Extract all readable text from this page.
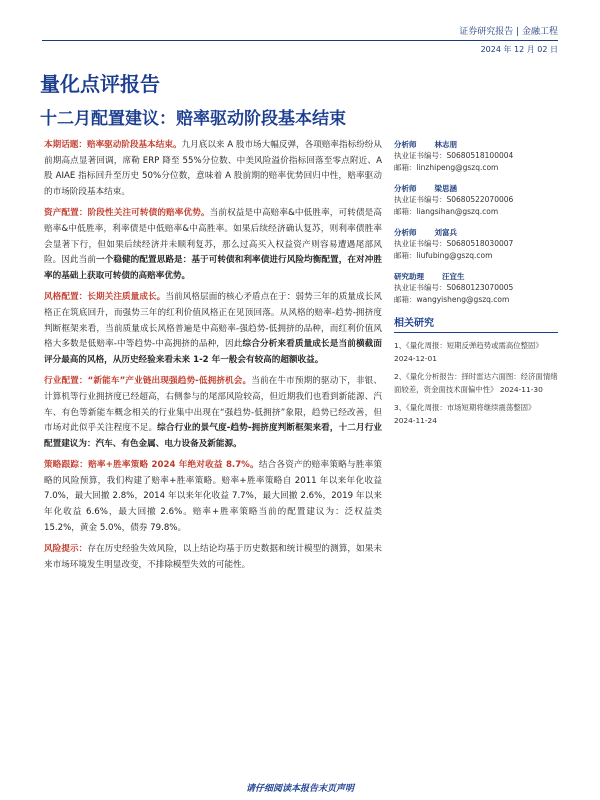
证券研究报告 | 金融工程
2024 年 12 月 02 日
量化点评报告
十二月配置建议：赔率驱动阶段基本结束
本期话题：赔率驱动阶段基本结束。九月底以来 A 股市场大幅反弹，各项赔率指标纷纷从前期高点显著回调，席勒 ERP 降至 55%分位数、中美风险溢价指标回落至零点附近、A 股 AIAE 指标回升至历史 50%分位数，意味着 A 股前期的赔率优势回归中性，赔率驱动的市场阶段基本结束。
资产配置：阶段性关注可转债的赔率优势。当前权益是中高赔率&中低胜率，可转债是高赔率&中低胜率，利率债是中低赔率&中高胜率。如果后续经济确认复苏，则利率债胜率会显著下行，但如果后续经济并未顺利复苏，那么过高买入权益资产则容易遭遇尾部风险。因此当前一个稳健的配置思路是：基于可转债和利率债进行风险均衡配置，在对冲胜率的基础上获取可转债的高赔率优势。
风格配置：长期关注质量成长。当前风格层面的核心矛盾点在于：弱势三年的质量成长风格正在筑底回升，而强势三年的红利价值风格正在见顶回落。从风格的赔率-趋势-拥挤度判断框架来看，当前质量成长风格普遍是中高赔率-强趋势-低拥挤的品种，而红利价值风格大多数是低赔率-中等趋势-中高拥挤的品种，因此综合分析来看质量成长是当前横截面评分最高的风格，从历史经验来看未来 1-2 年一般会有较高的超额收益。
行业配置：“新能车”产业链出现强趋势-低拥挤机会。当前在牛市预期的驱动下，非银、计算机等行业拥挤度已经超高，右侧参与的尾部风险较高，但近期我们也看到新能源、汽车、有色等新能车概念相关的行业集中出现在“强趋势-低拥挤”象限，趋势已经改善，但市场对此似乎关注程度不足。综合行业的景气度-趋势-拥挤度判断框架来看，十二月行业配置建议为：汽车、有色金属、电力设备及新能源。
策略跟踪：赔率+胜率策略 2024 年绝对收益 8.7%。结合各资产的赔率策略与胜率策略的风险预算，我们构建了赔率+胜率策略。赔率+胜率策略自 2011 年以来年化收益 7.0%，最大回撤 2.8%，2014 年以来年化收益 7.7%，最大回撤 2.6%，2019 年以来年化收益 6.6%，最大回撤 2.6%。赔率+胜率策略当前的配置建议为：泛权益类 15.2%，黄金 5.0%，债券 79.8%。
风险提示：存在历史经验失效风险，以上结论均基于历史数据和统计模型的测算，如果未来市场环境发生明显改变，不排除模型失效的可能性。
分析师 林志朋
执业证书编号：S0680518100004
邮箱：linzhipeng@gszq.com
分析师 梁思涵
执业证书编号：S0680522070006
邮箱：liangsihan@gszq.com
分析师 刘富兵
执业证书编号：S0680518030007
邮箱：liufubing@gszq.com
研究助理 汪宜生
执业证书编号：S0680123070005
邮箱：wangyisheng@gszq.com
相关研究
1、《量化周报：短期反弹趋势或需高位整固》 2024-12-01
2、《量化分析报告：择时雷达六面图：经济面情绪面较差，资金面技术面偏中性》 2024-11-30
3、《量化周报：市场短期将继续震荡整固》 2024-11-24
请仔细阅读本报告末页声明
